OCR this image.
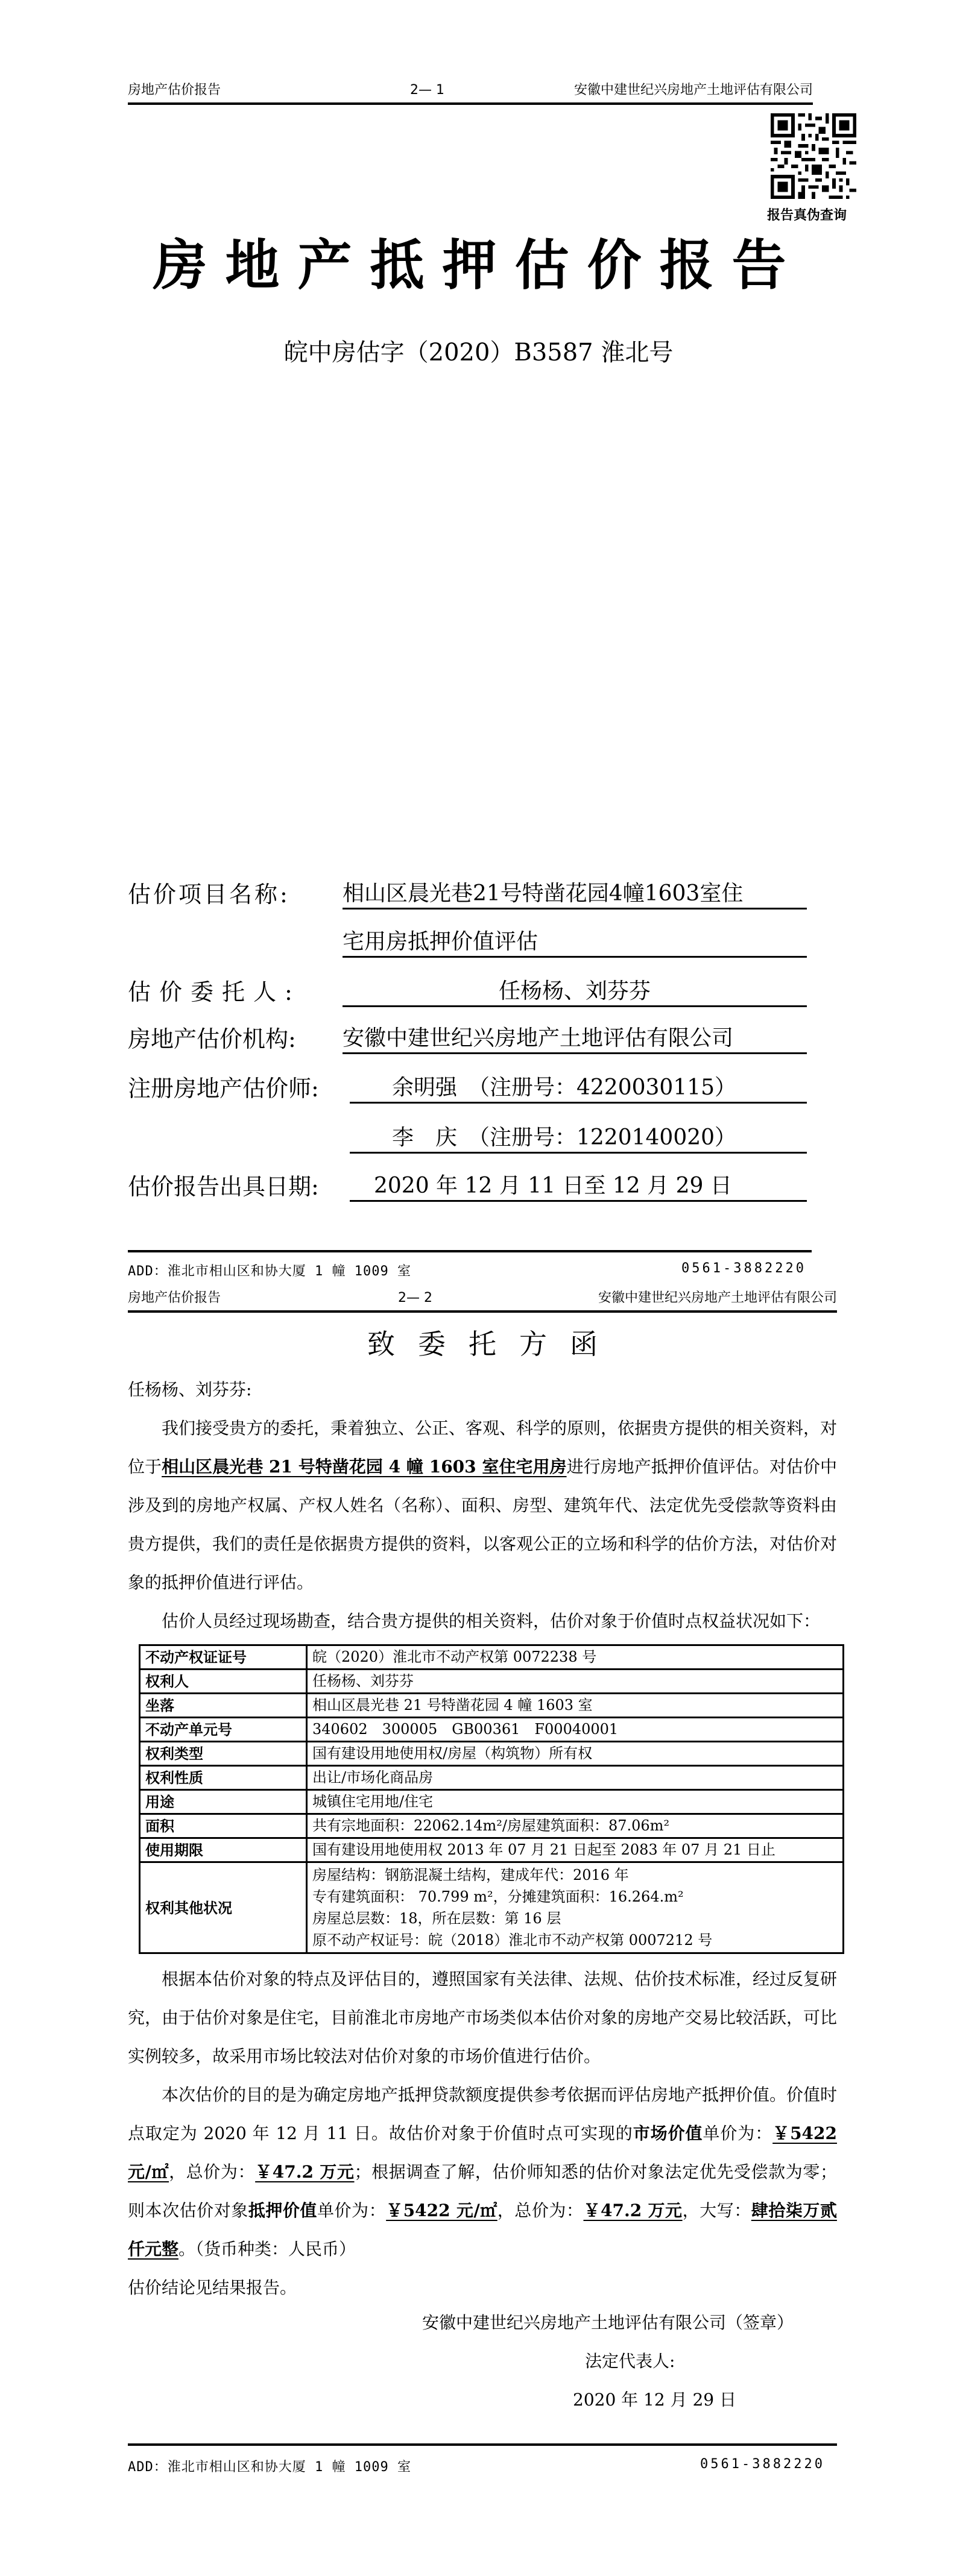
房地产估价报告	2— 1	安徽中建世纪兴房地产土地评估有限公司
报告真伪查询
房地产抵押估价报告
皖中房估字（2020）B3587 淮北号
估价项目名称: 相山区晨光巷21号特凿花园4幢1603室住
宅用房抵押价值评估
估价委托人:	任杨杨、刘芬芬
房地产估价机构: 安徽中建世纪兴房地产土地评估有限公司
注册房地产估价师:	余明强　（注册号：4220030115）
李　庆　（注册号：1220140020）
估价报告出具日期:	2020 年 12 月 11 日至 12 月 29 日
ADD：淮北市相山区和协大厦 1 幢 1009 室	0561-3882220
房地产估价报告	2— 2	安徽中建世纪兴房地产土地评估有限公司
致委托方函

任杨杨、刘芬芬:

我们接受贵方的委托，秉着独立、公正、客观、科学的原则，依据贵方提供的相关资料，对位于相山区晨光巷 21 号特凿花园 4 幢 1603 室住宅用房进行房地产抵押价值评估。对估价中涉及到的房地产权属、产权人姓名（名称）、面积、房型、建筑年代、法定优先受偿款等资料由贵方提供，我们的责任是依据贵方提供的资料，以客观公正的立场和科学的估价方法，对估价对象的抵押价值进行评估。

估价人员经过现场勘查，结合贵方提供的相关资料，估价对象于价值时点权益状况如下：

不动产权证证号	皖（2020）淮北市不动产权第 0072238 号
权利人	任杨杨、刘芬芬
坐落	相山区晨光巷 21 号特凿花园 4 幢 1603 室
不动产单元号	340602　300005　GB00361　F00040001
权利类型	国有建设用地使用权/房屋（构筑物）所有权
权利性质	出让/市场化商品房
用途	城镇住宅用地/住宅
面积	共有宗地面积：22062.14m²/房屋建筑面积：87.06m²
使用期限	国有建设用地使用权 2013 年 07 月 21 日起至 2083 年 07 月 21 日止
权利其他状况	房屋结构：钢筋混凝土结构，建成年代：2016 年
专有建筑面积： 70.799 m²，分摊建筑面积：16.264.m²
房屋总层数：18，所在层数：第 16 层
原不动产权证号：皖（2018）淮北市不动产权第 0007212 号

根据本估价对象的特点及评估目的，遵照国家有关法律、法规、估价技术标准，经过反复研究，由于估价对象是住宅，目前淮北市房地产市场类似本估价对象的房地产交易比较活跃，可比实例较多，故采用市场比较法对估价对象的市场价值进行估价。

本次估价的目的是为确定房地产抵押贷款额度提供参考依据而评估房地产抵押价值。价值时点取定为 2020 年 12 月 11 日。故估价对象于价值时点可实现的市场价值单价为：￥5422 元/㎡，总价为：￥47.2 万元；根据调查了解，估价师知悉的估价对象法定优先受偿款为零；则本次估价对象抵押价值单价为：￥5422 元/㎡，总价为：￥47.2 万元，大写：肆拾柒万贰仟元整。（货币种类：人民币）

估价结论见结果报告。

安徽中建世纪兴房地产土地评估有限公司（签章）
法定代表人:
2020 年 12 月 29 日
ADD：淮北市相山区和协大厦 1 幢 1009 室	0561-3882220
